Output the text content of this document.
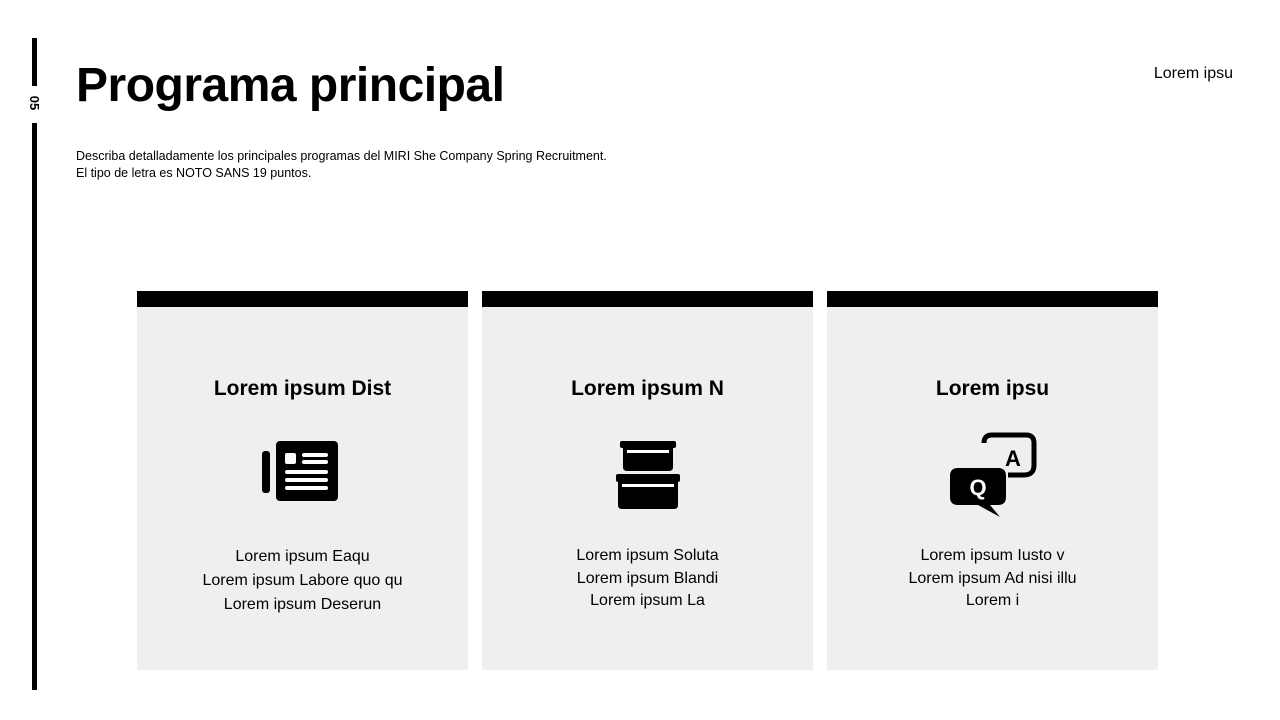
05 Programa principal	Lorem ipsu
Describa detalladamente los principales programas del MIRI She Company Spring Recruitment.
El tipo de letra es NOTO SANS 19 puntos.
Lorem ipsum Dist
Lorem ipsum Eaqu
Lorem ipsum Labore quo qu
Lorem ipsum Deserun
Lorem ipsum N
Lorem ipsum Soluta
Lorem ipsum Blandi
Lorem ipsum La
Lorem ipsu
A
Q
Lorem ipsum Iusto v
Lorem ipsum Ad nisi illu
Lorem i
